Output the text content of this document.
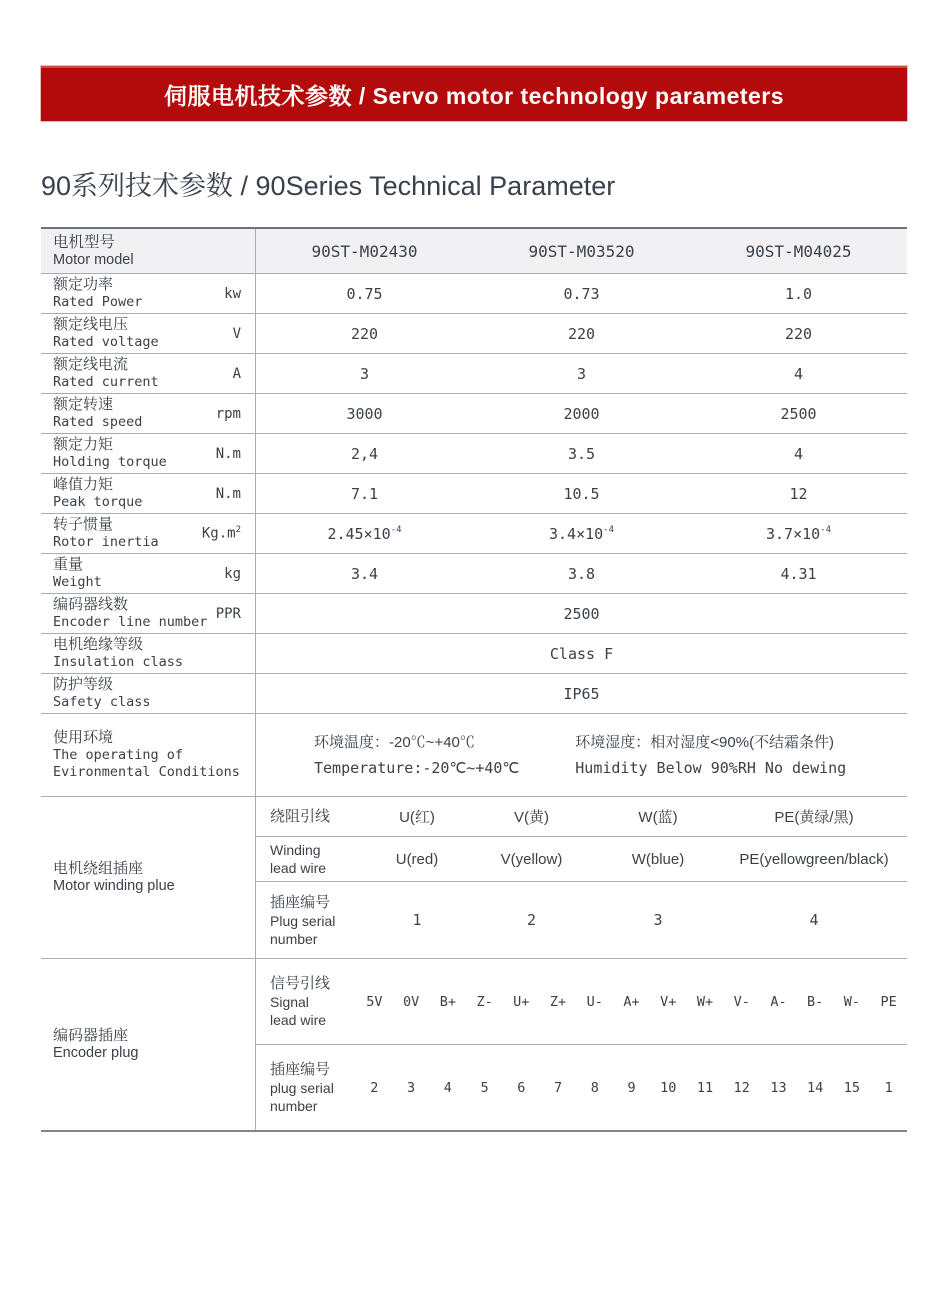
伺服电机技术参数 / Servo motor technology parameters
90系列技术参数 / 90Series Technical Parameter
电机型号
Motor model	90ST-M02430	90ST-M03520	90ST-M04025
额定功率
Rated Power
kw	0.75	0.73	1.0
额定线电压
Rated voltage
V	220	220	220
额定线电流
Rated current
A	3	3	4
额定转速
Rated speed
rpm	3000	2000	2500
额定力矩
Holding torque
N.m	2,4	3.5	4
峰值力矩
Peak torque
N.m	7.1	10.5	12
转子惯量
Rotor inertia
$Kg.m^2$	$2.45\times 10^{-4}$	$3.4\times 10^{-4}$	$3.7\times 10^{-4}$
重量
Weight
kg	3.4	3.8	4.31
编码器线数
Encoder line number
PPR	2500
电机绝缘等级
Insulation class	Class F
防护等级
Safety class	IP65
使用环境
The operating of
Evironmental Conditions
环境温度：-20℃~+40℃
Temperature:-20℃~+40℃
环境湿度：相对湿度<90%(不结霜条件)
Humidity Below 90%RH No dewing
电机绕组插座
Motor winding plue
绕阻引线	U(红)	V(黄)	W(蓝)	PE(黄绿/黑)
Winding
lead wire
U(red)	V(yellow)	W(blue)	PE(yellowgreen/black)
插座编号
Plug serial
number
1	2	3	4
编码器插座
Encoder plug
信号引线
Signal
lead wire
5V	0V	B+	Z-	U+	Z+	U-	A+	V+	W+	V-	A-	B-	W-	PE
插座编号
plug serial
number
2	3	4	5	6	7	8	9	10	11	12	13	14	15	1
